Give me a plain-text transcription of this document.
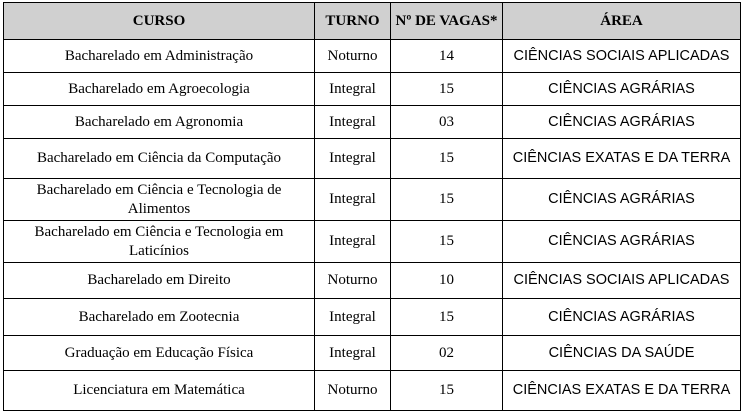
CURSO	TURNO	Nº DE VAGAS*	ÁREA
Bacharelado em Administração	Noturno	14	CIÊNCIAS SOCIAIS APLICADAS
Bacharelado em Agroecologia	Integral	15	CIÊNCIAS AGRÁRIAS
Bacharelado em Agronomia	Integral	03	CIÊNCIAS AGRÁRIAS
Bacharelado em Ciência da Computação	Integral	15	CIÊNCIAS EXATAS E DA TERRA
Bacharelado em Ciência e Tecnologia de Alimentos	Integral	15	CIÊNCIAS AGRÁRIAS
Bacharelado em Ciência e Tecnologia em Laticínios	Integral	15	CIÊNCIAS AGRÁRIAS
Bacharelado em Direito	Noturno	10	CIÊNCIAS SOCIAIS APLICADAS
Bacharelado em Zootecnia	Integral	15	CIÊNCIAS AGRÁRIAS
Graduação em Educação Física	Integral	02	CIÊNCIAS DA SAÚDE
Licenciatura em Matemática	Noturno	15	CIÊNCIAS EXATAS E DA TERRA
